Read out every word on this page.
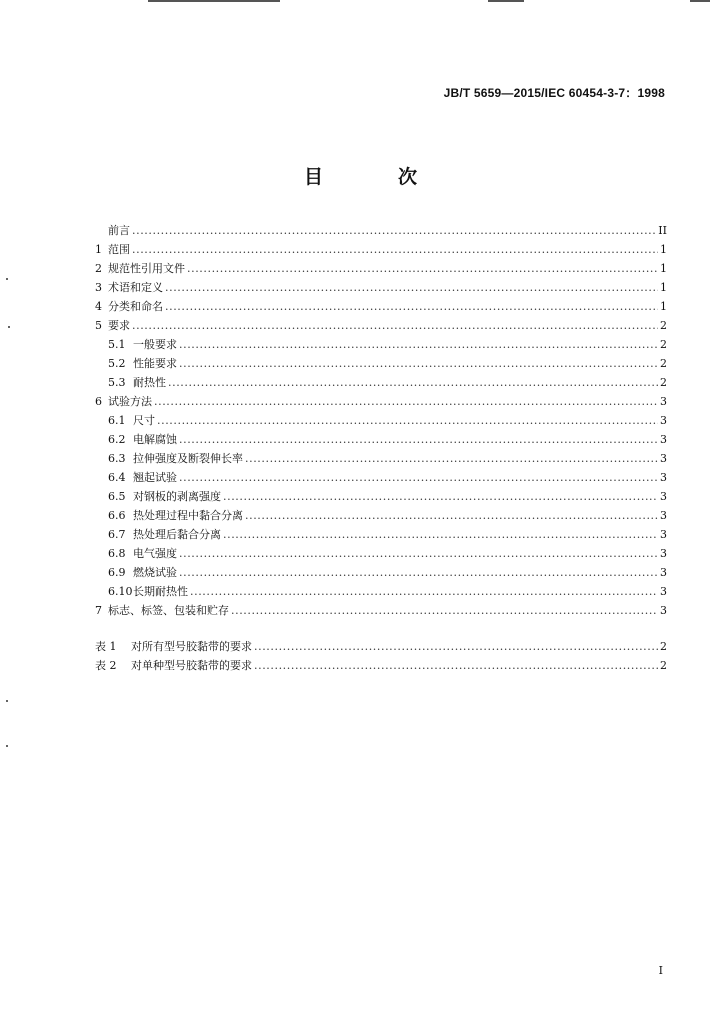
JB/T 5659—2015/IEC 60454-3-7：1998
目　次
前言 .....	II
1 范围 .....	1
2 规范性引用文件 .....	1
3 术语和定义 .....	1
4 分类和命名 .....	1
5 要求 .....	2
5.1 一般要求 .....	2
5.2 性能要求 .....	2
5.3 耐热性 .....	2
6 试验方法 .....	3
6.1 尺寸 .....	3
6.2 电解腐蚀 .....	3
6.3 拉伸强度及断裂伸长率 .....	3
6.4 翘起试验 .....	3
6.5 对钢板的剥离强度 .....	3
6.6 热处理过程中黏合分离 .....	3
6.7 热处理后黏合分离 .....	3
6.8 电气强度 .....	3
6.9 燃烧试验 .....	3
6.10 长期耐热性 .....	3
7 标志、标签、包装和贮存 .....	3
表 1	对所有型号胶黏带的要求 .....	2
表 2	对单种型号胶黏带的要求 .....	2
I
